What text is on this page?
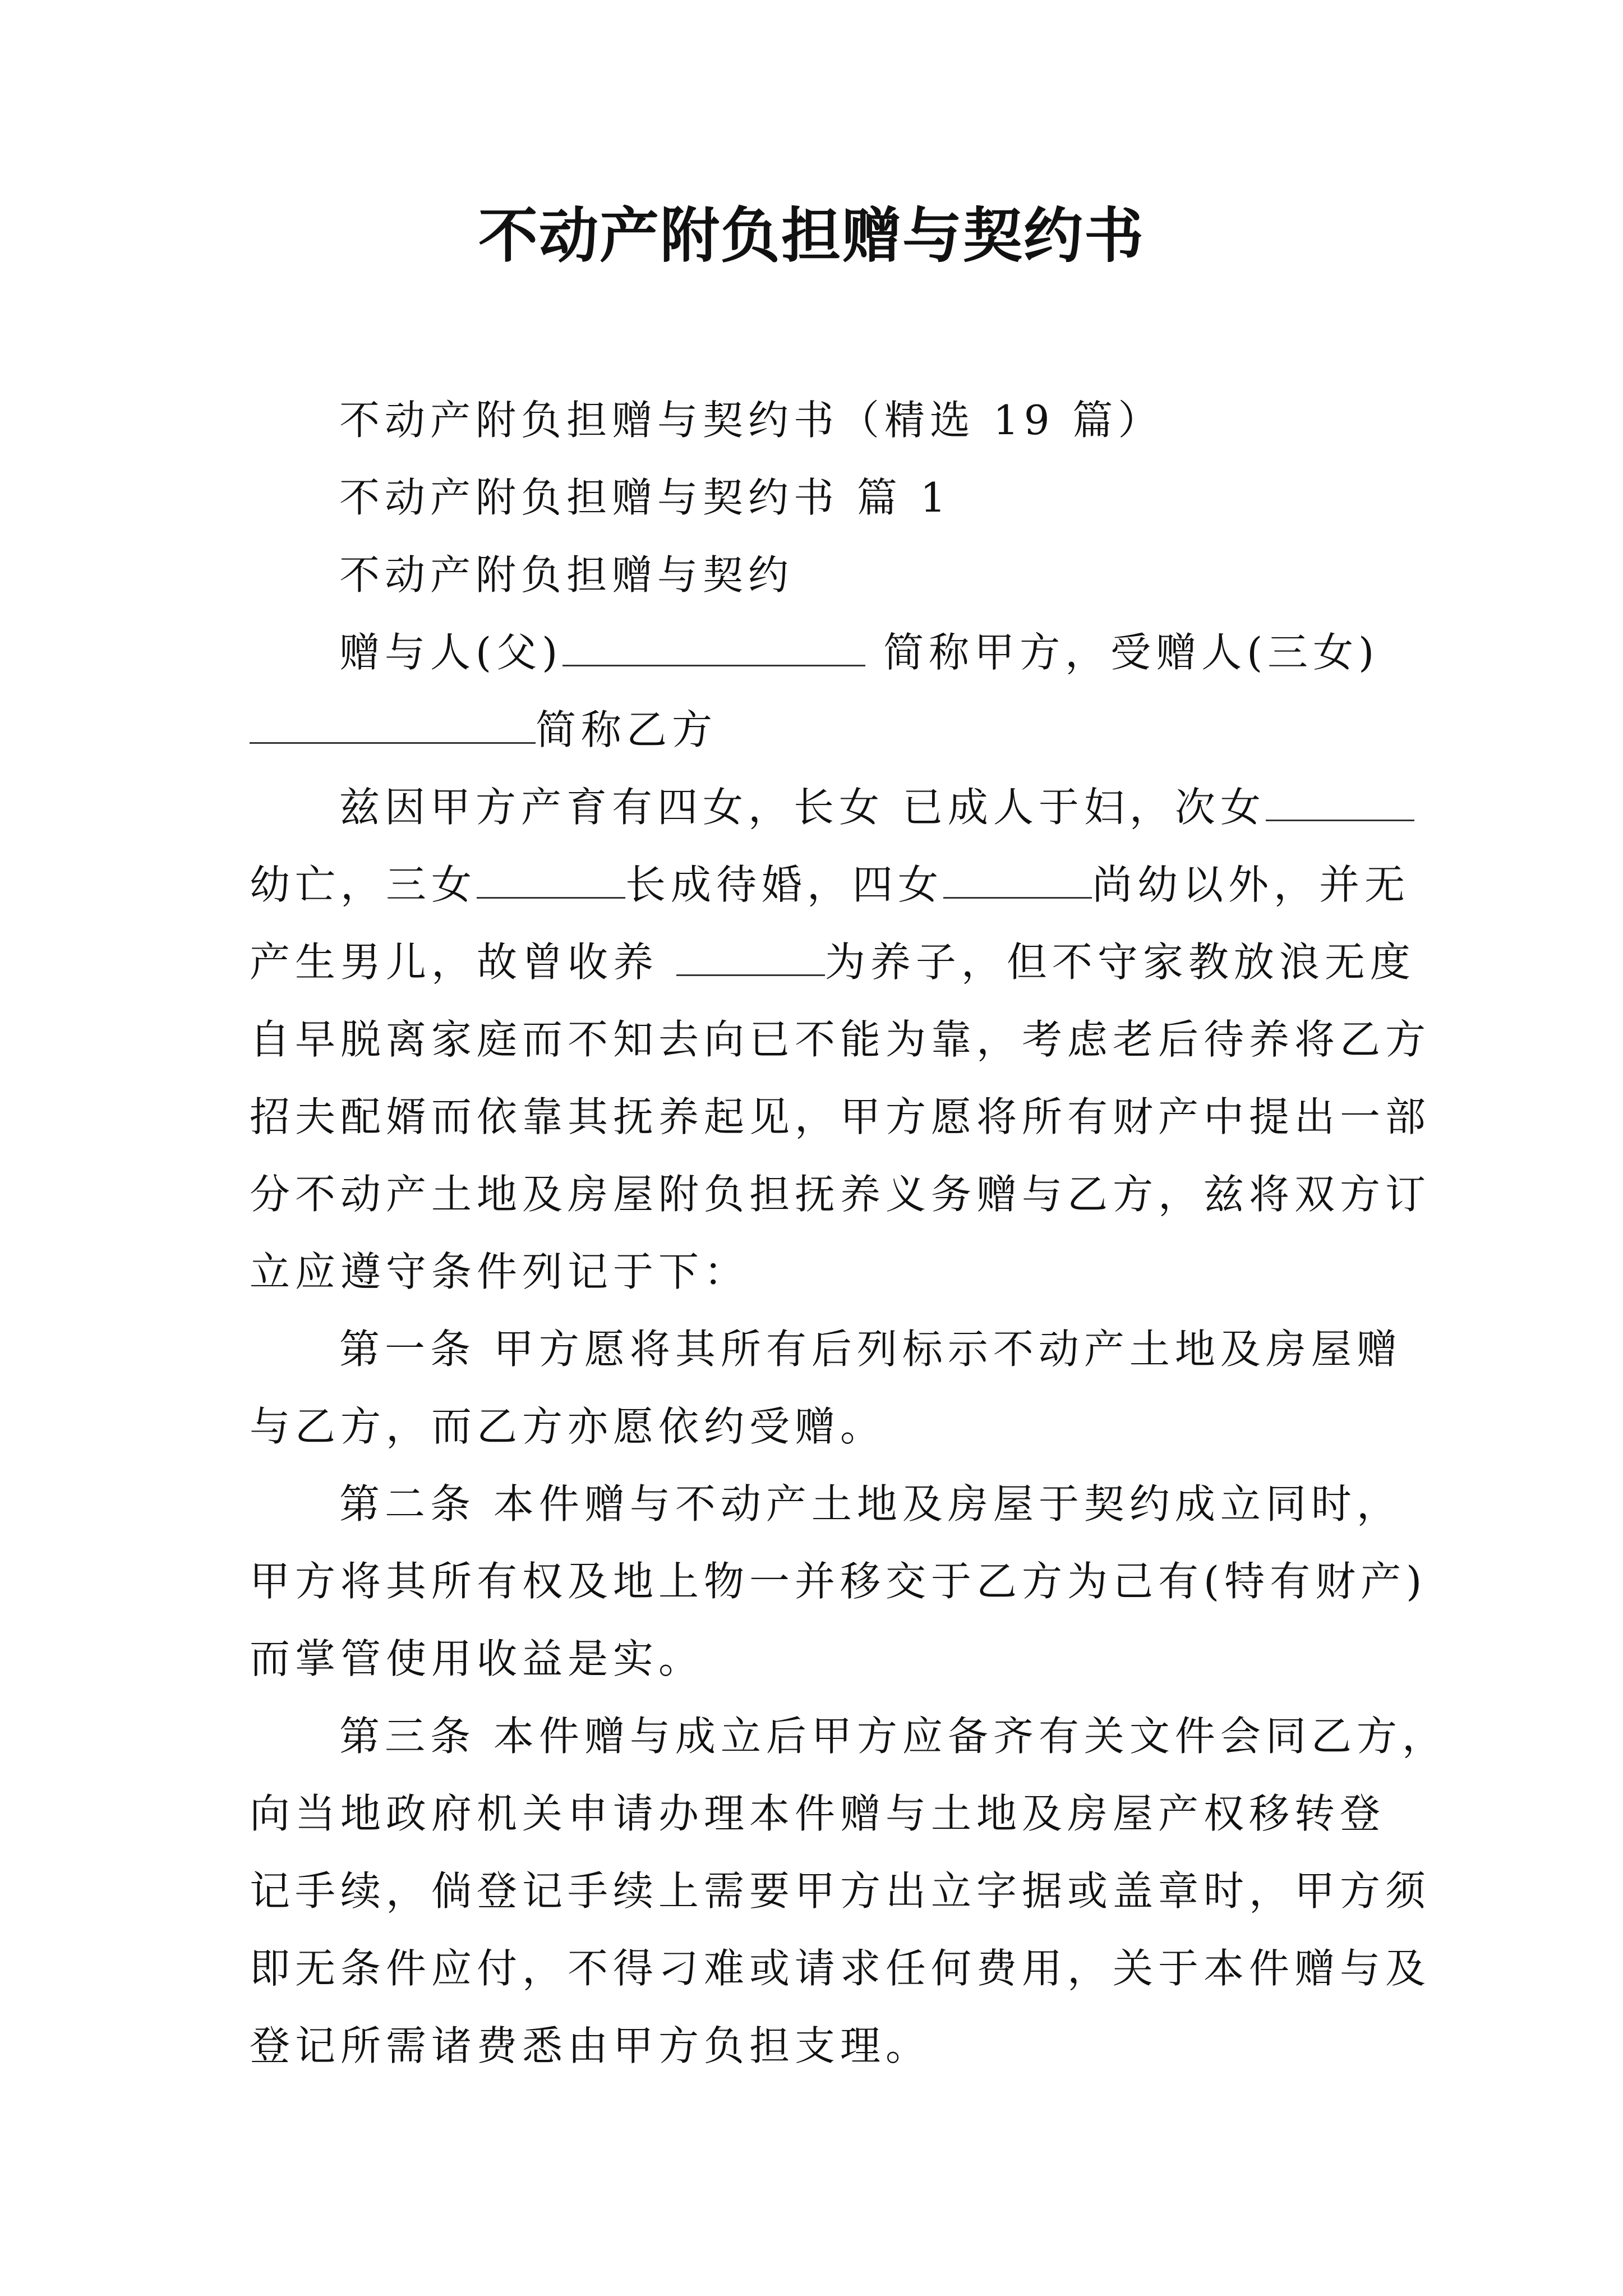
不动产附负担赠与契约书
不动产附负担赠与契约书（精选 19 篇）
不动产附负担赠与契约书 篇 1
不动产附负担赠与契约
赠与人(父)	简称甲方，受赠人(三女)
简称乙方
兹因甲方产育有四女，长女 已成人于妇，次女
幼亡，三女	长成待婚，四女	尚幼以外，并无
产生男儿，故曾收养	为养子，但不守家教放浪无度
自早脱离家庭而不知去向已不能为靠，考虑老后待养将乙方
招夫配婿而依靠其抚养起见，甲方愿将所有财产中提出一部
分不动产土地及房屋附负担抚养义务赠与乙方，兹将双方订
立应遵守条件列记于下：
第一条 甲方愿将其所有后列标示不动产土地及房屋赠
与乙方，而乙方亦愿依约受赠。
第二条 本件赠与不动产土地及房屋于契约成立同时，
甲方将其所有权及地上物一并移交于乙方为己有(特有财产)
而掌管使用收益是实。
第三条 本件赠与成立后甲方应备齐有关文件会同乙方，
向当地政府机关申请办理本件赠与土地及房屋产权移转登
记手续，倘登记手续上需要甲方出立字据或盖章时，甲方须
即无条件应付，不得刁难或请求任何费用，关于本件赠与及
登记所需诸费悉由甲方负担支理。
